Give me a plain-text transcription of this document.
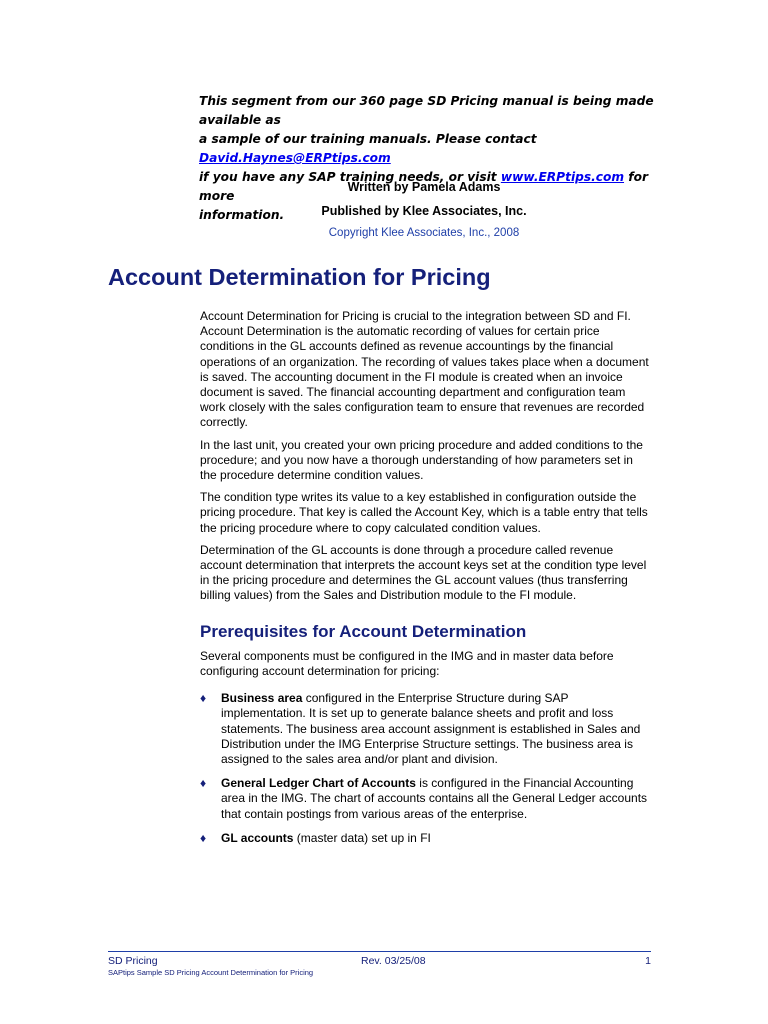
This segment from our 360 page SD Pricing manual is being made available as
a sample of our training manuals. Please contact David.Haynes@ERPtips.com
if you have any SAP training needs, or visit www.ERPtips.com for more
information.
Written by Pamela Adams
Published by Klee Associates, Inc.
Copyright Klee Associates, Inc., 2008
Account Determination for Pricing

Account Determination for Pricing is crucial to the integration between SD and FI. Account Determination is the automatic recording of values for certain price conditions in the GL accounts defined as revenue accountings by the financial operations of an organization. The recording of values takes place when a document is saved. The accounting document in the FI module is created when an invoice document is saved. The financial accounting department and configuration team work closely with the sales configuration team to ensure that revenues are recorded correctly.

In the last unit, you created your own pricing procedure and added conditions to the procedure; and you now have a thorough understanding of how parameters set in the procedure determine condition values.

The condition type writes its value to a key established in configuration outside the pricing procedure. That key is called the Account Key, which is a table entry that tells the pricing procedure where to copy calculated condition values.

Determination of the GL accounts is done through a procedure called revenue account determination that interprets the account keys set at the condition type level in the pricing procedure and determines the GL account values (thus transferring billing values) from the Sales and Distribution module to the FI module.

Prerequisites for Account Determination

Several components must be configured in the IMG and in master data before configuring account determination for pricing:

♦ Business area configured in the Enterprise Structure during SAP implementation. It is set up to generate balance sheets and profit and loss statements. The business area account assignment is established in Sales and Distribution under the IMG Enterprise Structure settings. The business area is assigned to the sales area and/or plant and division.
♦ General Ledger Chart of Accounts is configured in the Financial Accounting area in the IMG. The chart of accounts contains all the General Ledger accounts that contain postings from various areas of the enterprise.
♦ GL accounts (master data) set up in FI
SD Pricing	Rev. 03/25/08	1
SAPtips Sample SD Pricing Account Determination for Pricing
